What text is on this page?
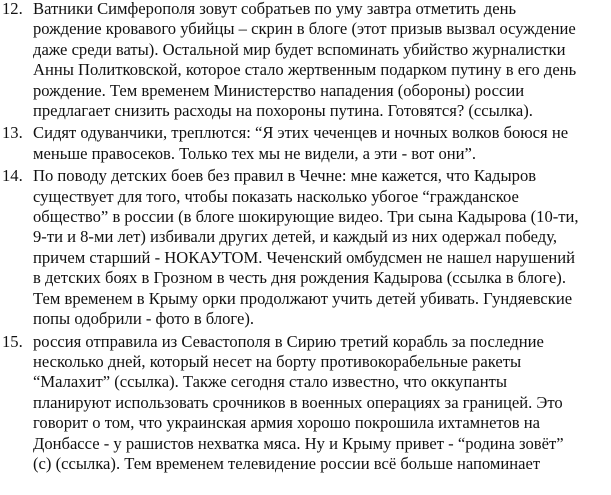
12. Ватники Симферополя зовут собратьев по уму завтра отметить день
рождение кровавого убийцы – скрин в блоге (этот призыв вызвал осуждение
даже среди ваты). Остальной мир будет вспоминать убийство журналистки
Анны Политковской, которое стало жертвенным подарком путину в его день
рождение. Тем временем Министерство нападения (обороны) россии
предлагает снизить расходы на похороны путина. Готовятся? (ссылка).
13. Сидят одуванчики, треплются: “Я этих чеченцев и ночных волков боюся не
меньше правосеков. Только тех мы не видели, а эти - вот они”.
14. По поводу детских боев без правил в Чечне: мне кажется, что Кадыров
существует для того, чтобы показать насколько убогое “гражданское
общество” в россии (в блоге шокирующие видео. Три сына Кадырова (10-ти,
9-ти и 8-ми лет) избивали других детей, и каждый из них одержал победу,
причем старший - НОКАУТОМ. Чеченский омбудсмен не нашел нарушений
в детских боях в Грозном в честь дня рождения Кадырова (ссылка в блоге).
Тем временем в Крыму орки продолжают учить детей убивать. Гундяевские
попы одобрили - фото в блоге).
15. россия отправила из Севастополя в Сирию третий корабль за последние
несколько дней, который несет на борту противокорабельные ракеты
“Малахит” (ссылка). Также сегодня стало известно, что оккупанты
планируют использовать срочников в военных операциях за границей. Это
говорит о том, что украинская армия хорошо покрошила ихтамнетов на
Донбассе - у рашистов нехватка мяса. Ну и Крыму привет - “родина зовёт”
(с) (ссылка). Тем временем телевидение россии всё больше напоминает
